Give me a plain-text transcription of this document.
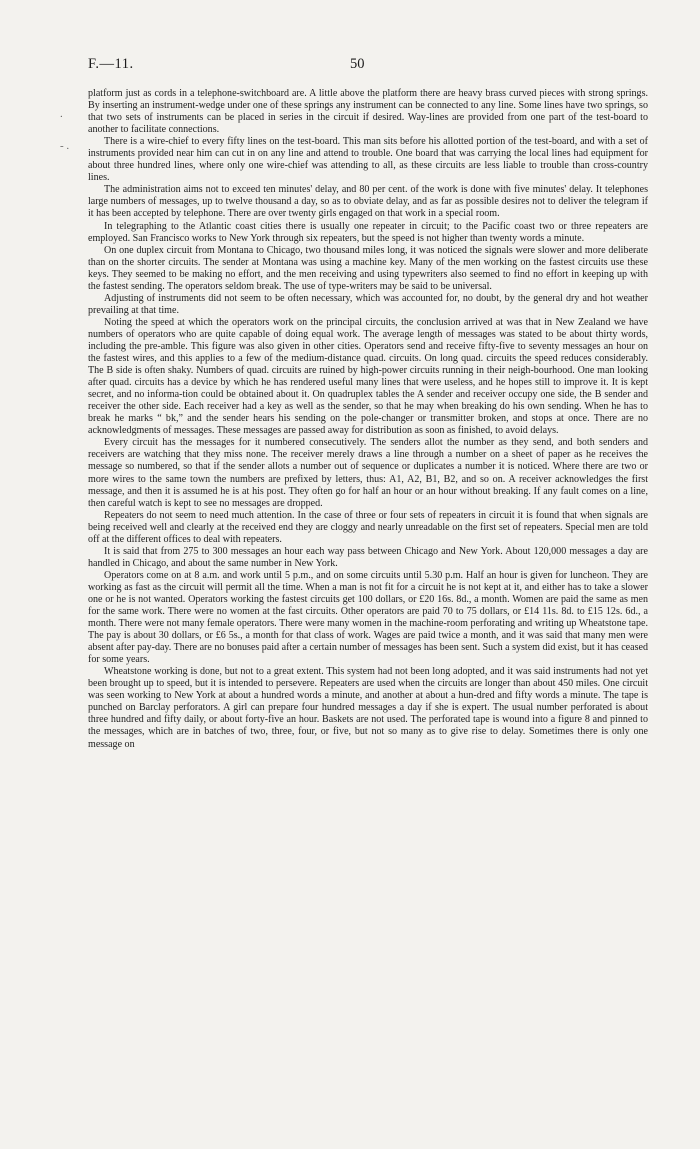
F.—11.	50
.
- .

platform just as cords in a telephone-switchboard are. A little above the platform there are heavy brass curved pieces with strong springs. By inserting an instrument-wedge under one of these springs any instrument can be connected to any line. Some lines have two springs, so that two sets of instruments can be placed in series in the circuit if desired. Way-lines are provided from one part of the test-board to another to facilitate connections.

There is a wire-chief to every fifty lines on the test-board. This man sits before his allotted portion of the test-board, and with a set of instruments provided near him can cut in on any line and attend to trouble. One board that was carrying the local lines had equipment for about three hundred lines, where only one wire-chief was attending to all, as these circuits are less liable to trouble than cross-country lines.

The administration aims not to exceed ten minutes' delay, and 80 per cent. of the work is done with five minutes' delay. It telephones large numbers of messages, up to twelve thousand a day, so as to obviate delay, and as far as possible desires not to deliver the telegram if it has been accepted by telephone. There are over twenty girls engaged on that work in a special room.

In telegraphing to the Atlantic coast cities there is usually one repeater in circuit; to the Pacific coast two or three repeaters are employed. San Francisco works to New York through six repeaters, but the speed is not higher than twenty words a minute.

On one duplex circuit from Montana to Chicago, two thousand miles long, it was noticed the signals were slower and more deliberate than on the shorter circuits. The sender at Montana was using a machine key. Many of the men working on the fastest circuits use these keys. They seemed to be making no effort, and the men receiving and using typewriters also seemed to find no effort in keeping up with the fastest sending. The operators seldom break. The use of type-writers may be said to be universal.

Adjusting of instruments did not seem to be often necessary, which was accounted for, no doubt, by the general dry and hot weather prevailing at that time.

Noting the speed at which the operators work on the principal circuits, the conclusion arrived at was that in New Zealand we have numbers of operators who are quite capable of doing equal work. The average length of messages was stated to be about thirty words, including the pre-amble. This figure was also given in other cities. Operators send and receive fifty-five to seventy messages an hour on the fastest wires, and this applies to a few of the medium-distance quad. circuits. On long quad. circuits the speed reduces considerably. The B side is often shaky. Numbers of quad. circuits are ruined by high-power circuits running in their neigh-bourhood. One man looking after quad. circuits has a device by which he has rendered useful many lines that were useless, and he hopes still to improve it. It is kept secret, and no informa-tion could be obtained about it. On quadruplex tables the A sender and receiver occupy one side, the B sender and receiver the other side. Each receiver had a key as well as the sender, so that he may when breaking do his own sending. When he has to break he marks “ bk,” and the sender hears his sending on the pole-changer or transmitter broken, and stops at once. There are no acknowledgments of messages. These messages are passed away for distribution as soon as finished, to avoid delays.

Every circuit has the messages for it numbered consecutively. The senders allot the number as they send, and both senders and receivers are watching that they miss none. The receiver merely draws a line through a number on a sheet of paper as he receives the message so numbered, so that if the sender allots a number out of sequence or duplicates a number it is noticed. Where there are two or more wires to the same town the numbers are prefixed by letters, thus: A1, A2, B1, B2, and so on. A receiver acknowledges the first message, and then it is assumed he is at his post. They often go for half an hour or an hour without breaking. If any fault comes on a line, then careful watch is kept to see no messages are dropped.

Repeaters do not seem to need much attention. In the case of three or four sets of repeaters in circuit it is found that when signals are being received well and clearly at the received end they are cloggy and nearly unreadable on the first set of repeaters. Special men are told off at the different offices to deal with repeaters.

It is said that from 275 to 300 messages an hour each way pass between Chicago and New York. About 120,000 messages a day are handled in Chicago, and about the same number in New York.

Operators come on at 8 a.m. and work until 5 p.m., and on some circuits until 5.30 p.m. Half an hour is given for luncheon. They are working as fast as the circuit will permit all the time. When a man is not fit for a circuit he is not kept at it, and either has to take a slower one or he is not wanted. Operators working the fastest circuits get 100 dollars, or £20 16s. 8d., a month. Women are paid the same as men for the same work. There were no women at the fast circuits. Other operators are paid 70 to 75 dollars, or £14 11s. 8d. to £15 12s. 6d., a month. There were not many female operators. There were many women in the machine-room perforating and writing up Wheatstone tape. The pay is about 30 dollars, or £6 5s., a month for that class of work. Wages are paid twice a month, and it was said that many men were absent after pay-day. There are no bonuses paid after a certain number of messages has been sent. Such a system did exist, but it has ceased for some years.

Wheatstone working is done, but not to a great extent. This system had not been long adopted, and it was said instruments had not yet been brought up to speed, but it is intended to persevere. Repeaters are used when the circuits are longer than about 450 miles. One circuit was seen working to New York at about a hundred words a minute, and another at about a hun-dred and fifty words a minute. The tape is punched on Barclay perforators. A girl can prepare four hundred messages a day if she is expert. The usual number perforated is about three hundred and fifty daily, or about forty-five an hour. Baskets are not used. The perforated tape is wound into a figure 8 and pinned to the messages, which are in batches of two, three, four, or five, but not so many as to give rise to delay. Sometimes there is only one message on
